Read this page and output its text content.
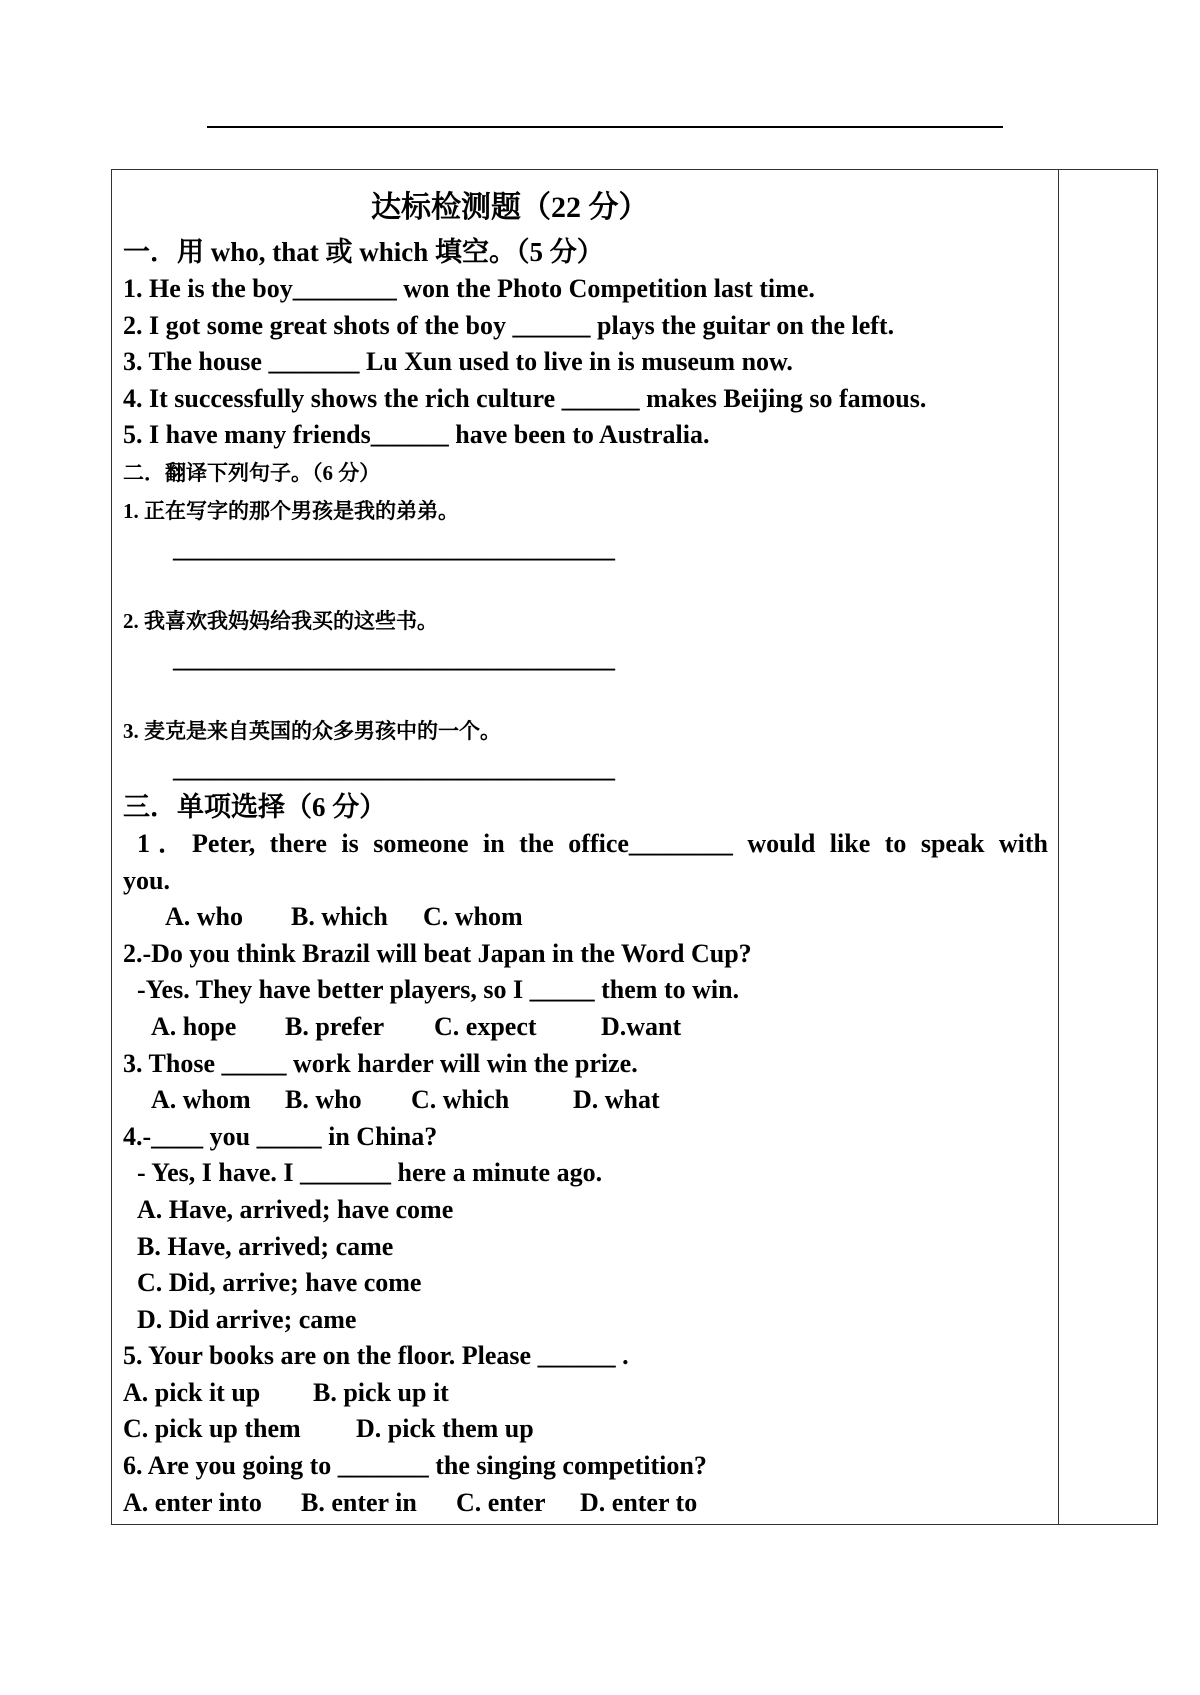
达标检测题（22 分）
一．用 who, that 或 which 填空。（5 分）
1. He is the boy________ won the Photo Competition last time.
2. I got some great shots of the boy ______ plays the guitar on the left.
3. The house _______ Lu Xun used to live in is museum now.
4. It successfully shows the rich culture ______ makes Beijing so famous.
5. I have many friends______ have been to Australia.
二．翻译下列句子。（6 分）
1. 正在写字的那个男孩是我的弟弟。
__________________________________
2. 我喜欢我妈妈给我买的这些书。
__________________________________
3. 麦克是来自英国的众多男孩中的一个。
__________________________________
三．单项选择（6 分）
1．Peter, there is someone in the office________ would like to speak with
you.
A. who B. which C. whom
2.-Do you think Brazil will beat Japan in the Word Cup?
-Yes. They have better players, so I _____ them to win.
A. hope B. prefer C. expect D.want
3. Those _____ work harder will win the prize.
A. whom B. who C. which D. what
4.-____ you _____ in China?
- Yes, I have. I _______ here a minute ago.
A. Have, arrived; have come
B. Have, arrived; came
C. Did, arrive; have come
D. Did arrive; came
5. Your books are on the floor. Please ______ .
A. pick it up B. pick up it
C. pick up them D. pick them up
6. Are you going to _______ the singing competition?
A. enter into B. enter in C. enter D. enter to
